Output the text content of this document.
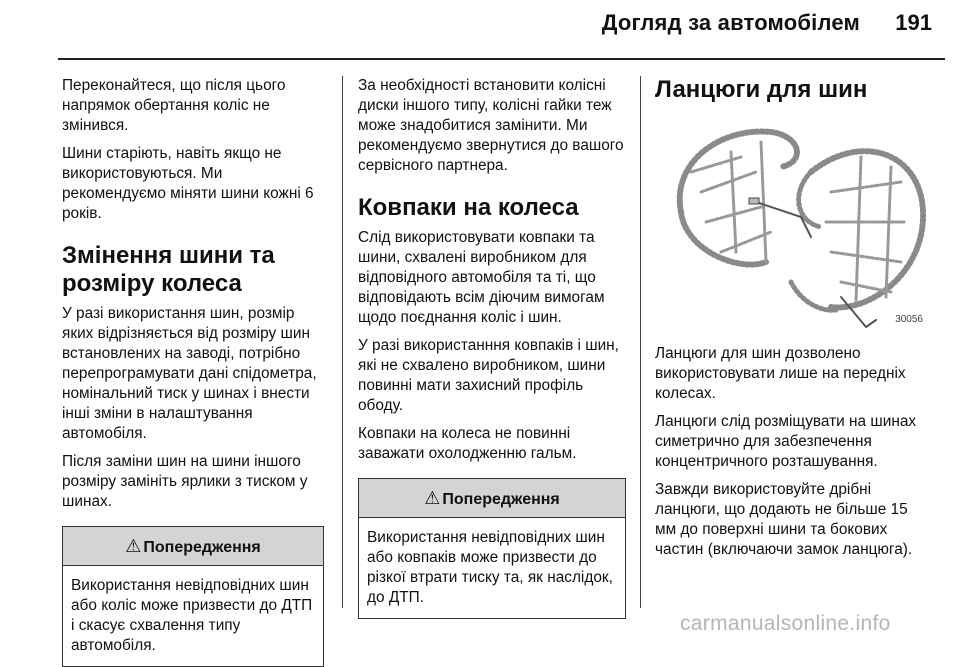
Догляд за автомобілем	191

Переконайтеся, що після цього напрямок обертання коліс не змінився.

Шини старіють, навіть якщо не використовуються. Ми рекомендуємо міняти шини кожні 6 років.

Змінення шини та розміру колеса

У разі використання шин, розмір яких відрізняється від розміру шин встановлених на заводі, потрібно перепрограмувати дані спідометра, номінальний тиск у шинах і внести інші зміни в налаштування автомобіля.

Після заміни шин на шини іншого розміру замініть ярлики з тиском у шинах.

⚠ Попередження
Використання невідповідних шин або коліс може призвести до ДТП і скасує схвалення типу автомобіля.

За необхідності встановити колісні диски іншого типу, колісні гайки теж може знадобитися замінити. Ми рекомендуємо звернутися до вашого сервісного партнера.

Ковпаки на колеса

Слід використовувати ковпаки та шини, схвалені виробником для відповідного автомобіля та ті, що відповідають всім діючим вимогам щодо поєднання коліс і шин.

У разі використанння ковпаків і шин, які не схвалено виробником, шини повинні мати захисний профіль ободу.

Ковпаки на колеса не повинні заважати охолодженню гальм.

⚠ Попередження
Використання невідповідних шин або ковпаків може призвести до різкої втрати тиску та, як наслідок, до ДТП.
Ланцюги для шин
30056

Ланцюги для шин дозволено використовувати лише на передніх колесах.

Ланцюги слід розміщувати на шинах симетрично для забезпечення концентричного розташування.

Завжди використовуйте дрібні ланцюги, що додають не більше 15 мм до поверхні шини та бокових частин (включаючи замок ланцюга).

carmanualsonline.info
